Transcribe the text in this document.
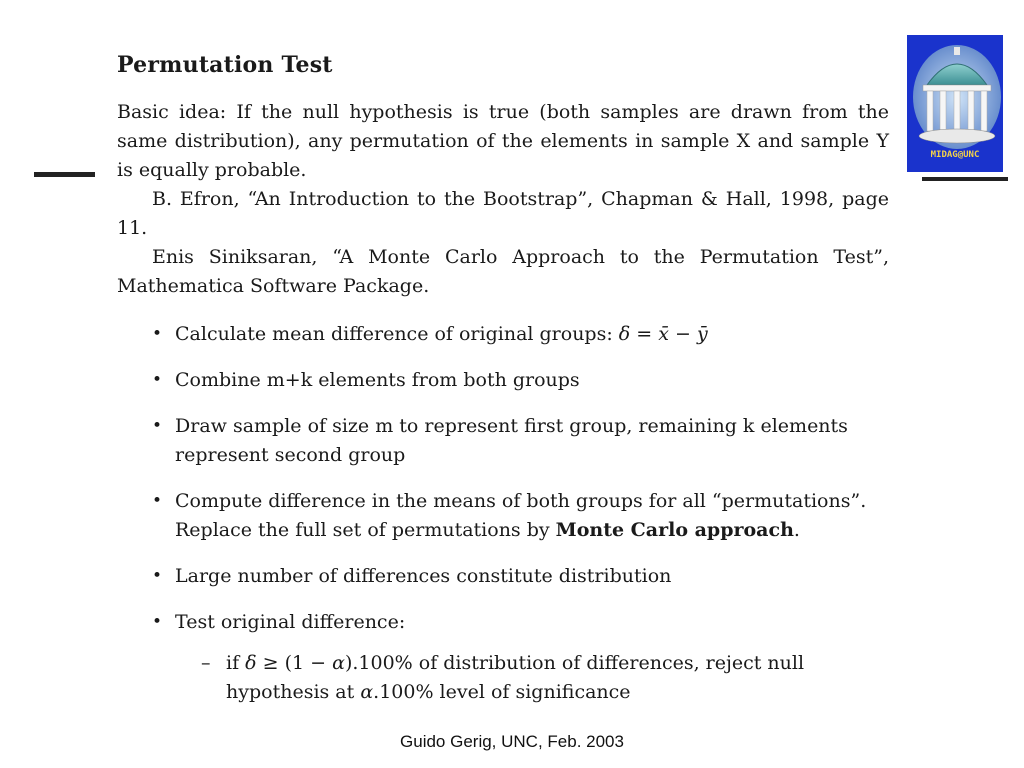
Permutation Test

Basic idea: If the null hypothesis is true (both samples are drawn from the same distribution), any permutation of the elements in sample X and sample Y is equally probable.

B. Efron, “An Introduction to the Bootstrap”, Chapman & Hall, 1998, page 11.

Enis Siniksaran, “A Monte Carlo Approach to the Permutation Test”, Mathematica Software Package.

• Calculate mean difference of original groups: δ = x̄ − ȳ
• Combine m+k elements from both groups
• Draw sample of size m to represent first group, remaining k elements represent second group
• Compute difference in the means of both groups for all “permutations”. Replace the full set of permutations by Monte Carlo approach.
• Large number of differences constitute distribution
• Test original difference:
– if δ ≥ (1 − α).100% of distribution of differences, reject null hypothesis at α.100% level of significance
MIDAG@UNC
Guido Gerig, UNC, Feb. 2003
